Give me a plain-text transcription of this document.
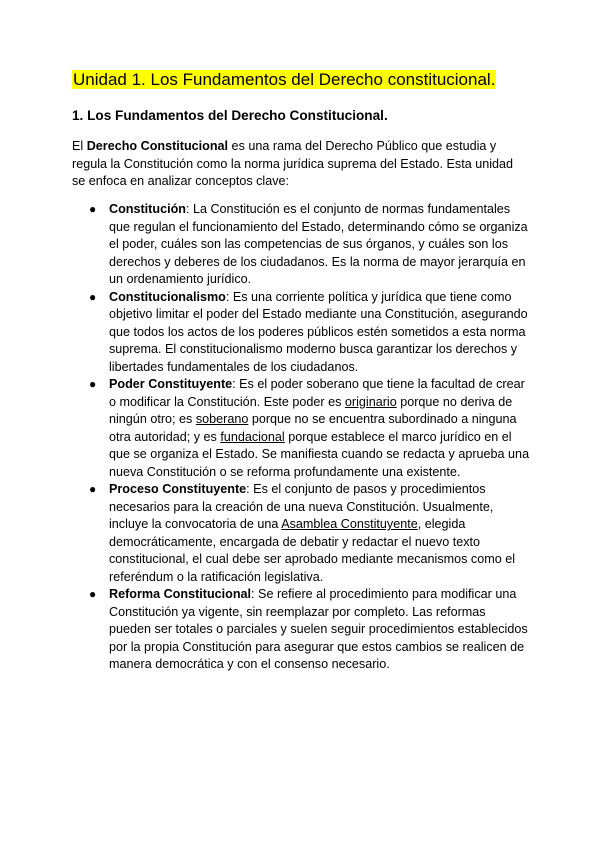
Unidad 1. Los Fundamentos del Derecho constitucional.
1. Los Fundamentos del Derecho Constitucional.

El Derecho Constitucional es una rama del Derecho Público que estudia y regula la Constitución como la norma jurídica suprema del Estado. Esta unidad se enfoca en analizar conceptos clave:

● Constitución: La Constitución es el conjunto de normas fundamentales que regulan el funcionamiento del Estado, determinando cómo se organiza el poder, cuáles son las competencias de sus órganos, y cuáles son los derechos y deberes de los ciudadanos. Es la norma de mayor jerarquía en un ordenamiento jurídico.
● Constitucionalismo: Es una corriente política y jurídica que tiene como objetivo limitar el poder del Estado mediante una Constitución, asegurando que todos los actos de los poderes públicos estén sometidos a esta norma suprema. El constitucionalismo moderno busca garantizar los derechos y libertades fundamentales de los ciudadanos.
● Poder Constituyente: Es el poder soberano que tiene la facultad de crear o modificar la Constitución. Este poder es originario porque no deriva de ningún otro; es soberano porque no se encuentra subordinado a ninguna otra autoridad; y es fundacional porque establece el marco jurídico en el que se organiza el Estado. Se manifiesta cuando se redacta y aprueba una nueva Constitución o se reforma profundamente una existente.
● Proceso Constituyente: Es el conjunto de pasos y procedimientos necesarios para la creación de una nueva Constitución. Usualmente, incluye la convocatoria de una Asamblea Constituyente, elegida democráticamente, encargada de debatir y redactar el nuevo texto constitucional, el cual debe ser aprobado mediante mecanismos como el referéndum o la ratificación legislativa.
● Reforma Constitucional: Se refiere al procedimiento para modificar una Constitución ya vigente, sin reemplazar por completo. Las reformas pueden ser totales o parciales y suelen seguir procedimientos establecidos por la propia Constitución para asegurar que estos cambios se realicen de manera democrática y con el consenso necesario.
